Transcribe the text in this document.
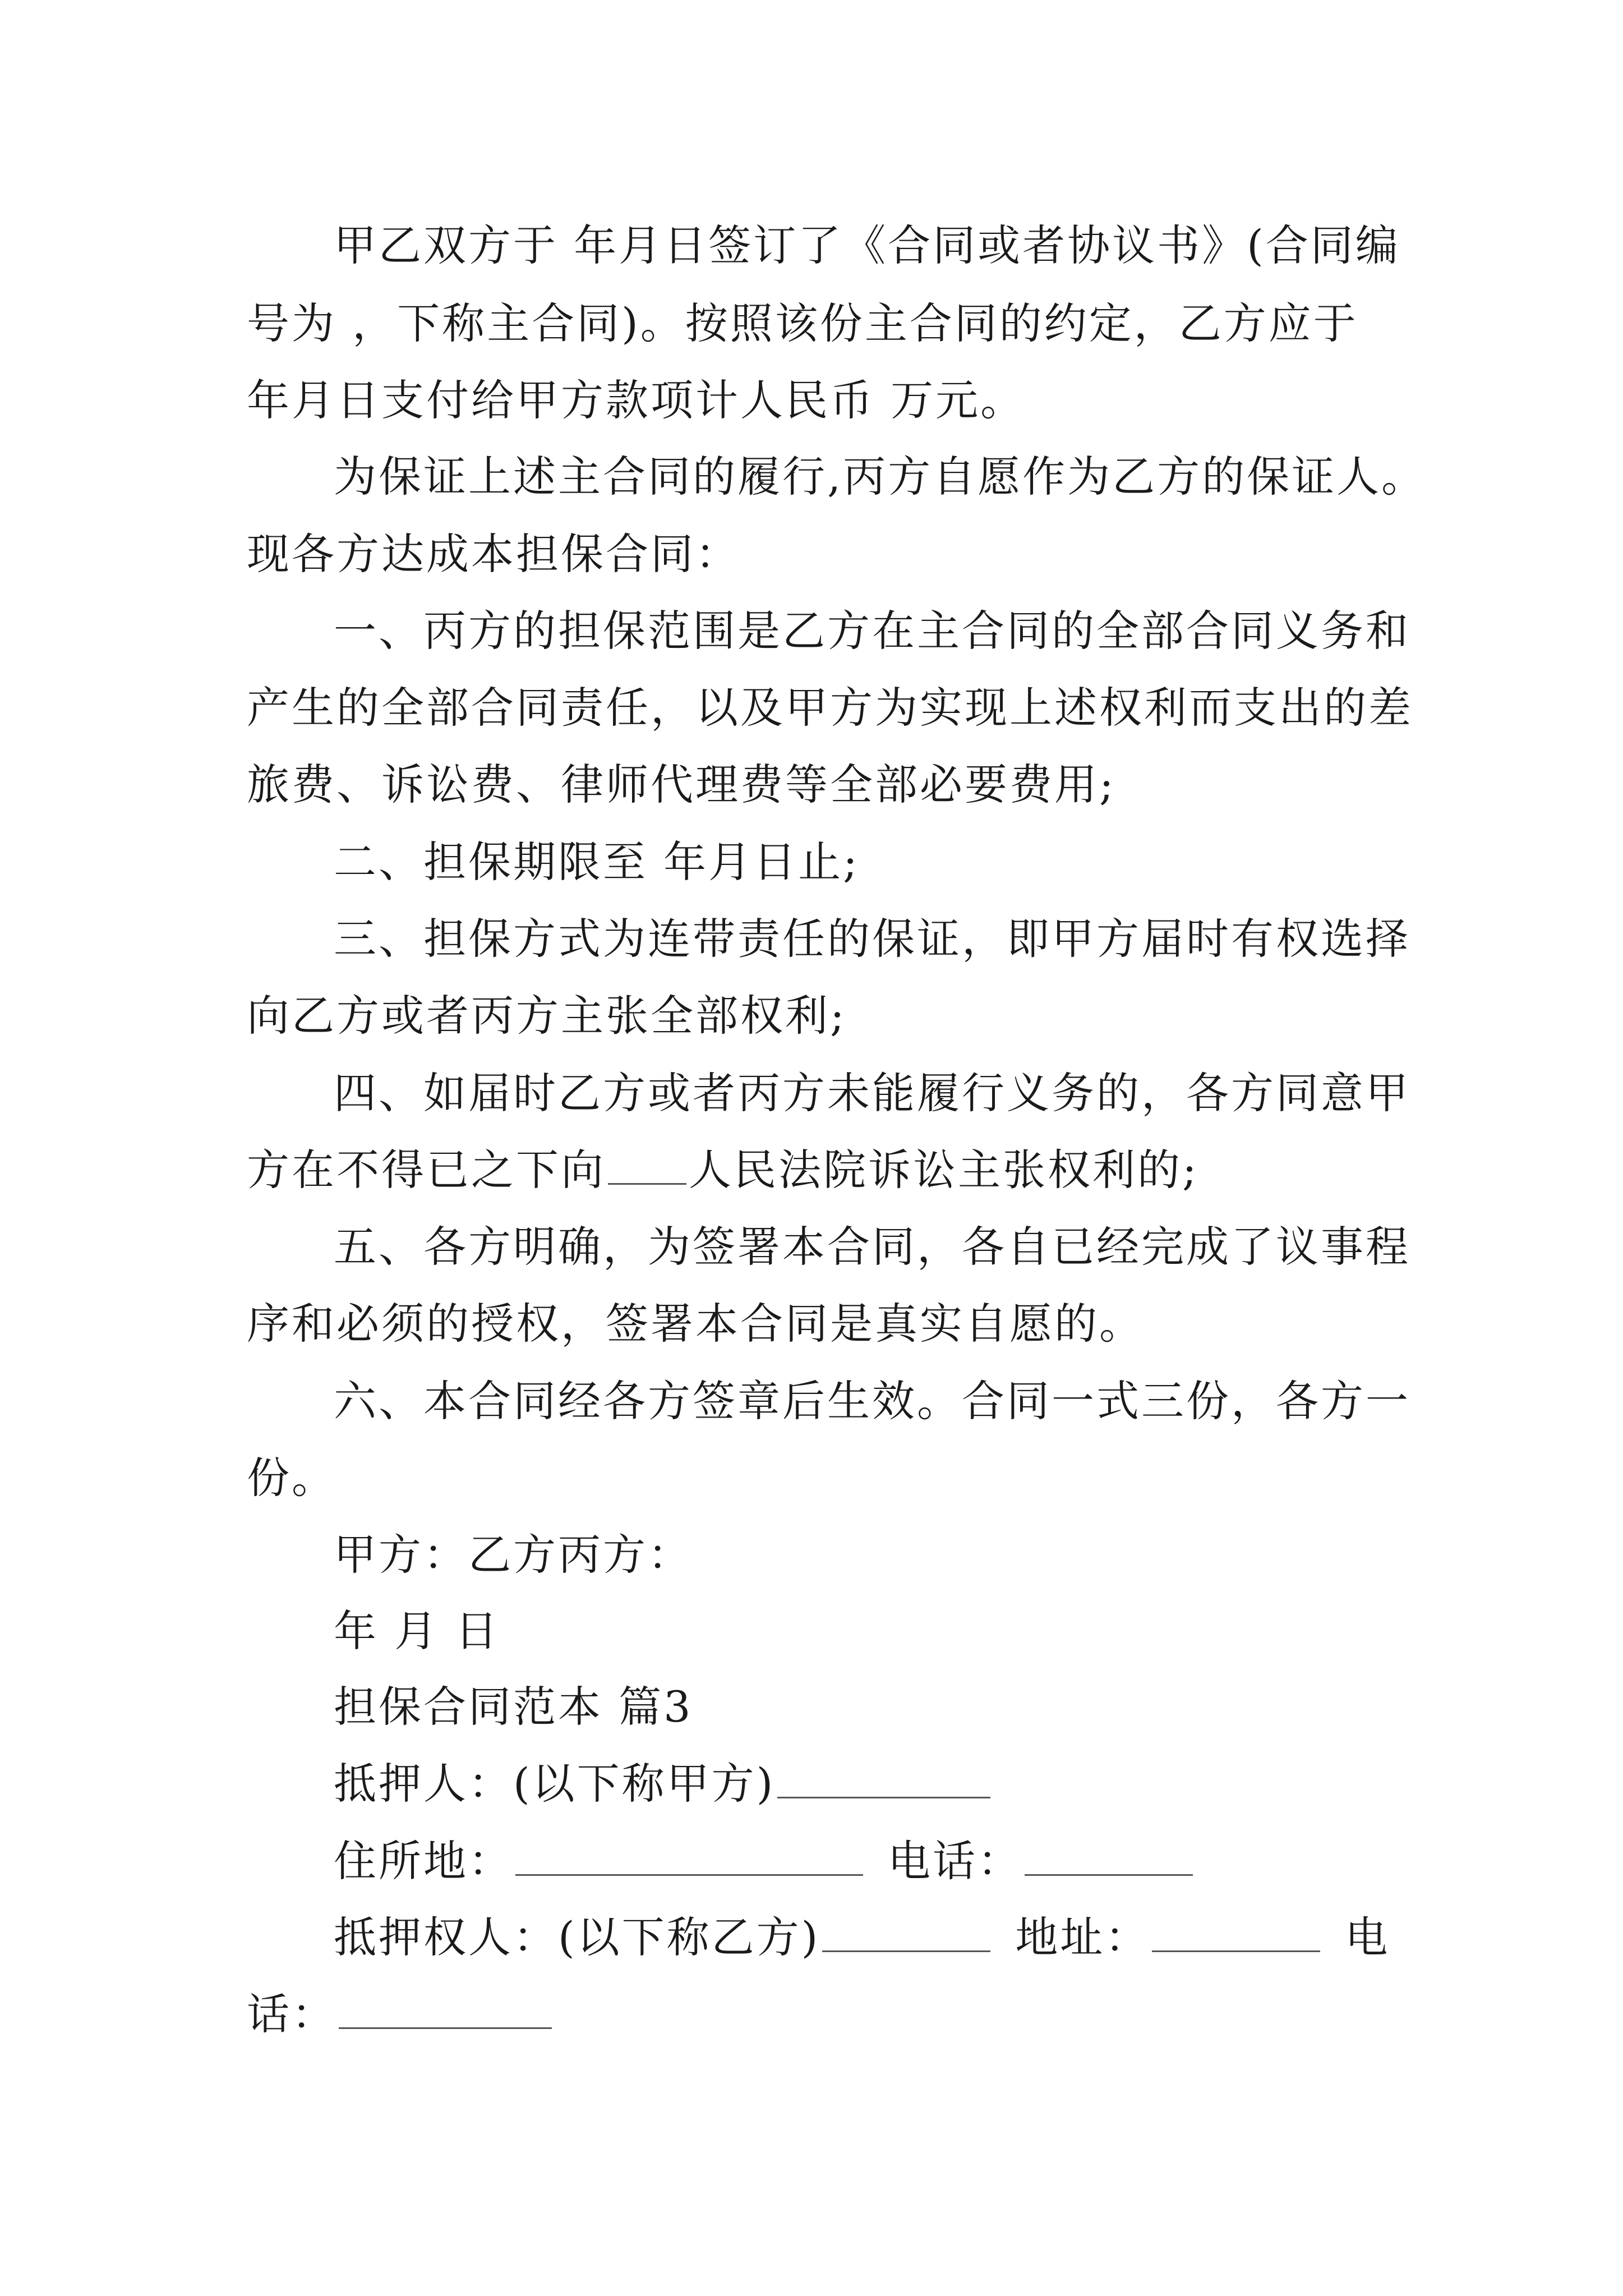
甲乙双方于 年月日签订了《合同或者协议书》(合同编
号为 ，下称主合同)。按照该份主合同的约定，乙方应于
年月日支付给甲方款项计人民币 万元。
为保证上述主合同的履行,丙方自愿作为乙方的保证人。
现各方达成本担保合同：
一、丙方的担保范围是乙方在主合同的全部合同义务和
产生的全部合同责任，以及甲方为实现上述权利而支出的差
旅费、诉讼费、律师代理费等全部必要费用;
二、担保期限至 年月日止;
三、担保方式为连带责任的保证，即甲方届时有权选择
向乙方或者丙方主张全部权利;
四、如届时乙方或者丙方未能履行义务的，各方同意甲
方在不得已之下向 人民法院诉讼主张权利的;
五、各方明确，为签署本合同，各自已经完成了议事程
序和必须的授权，签署本合同是真实自愿的。
六、本合同经各方签章后生效。合同一式三份，各方一
份。
甲方：乙方丙方：
年 月 日
担保合同范本 篇3
抵押人：(以下称甲方)
住所地：	电话：
抵押权人：(以下称乙方)	地址：	电
话：
